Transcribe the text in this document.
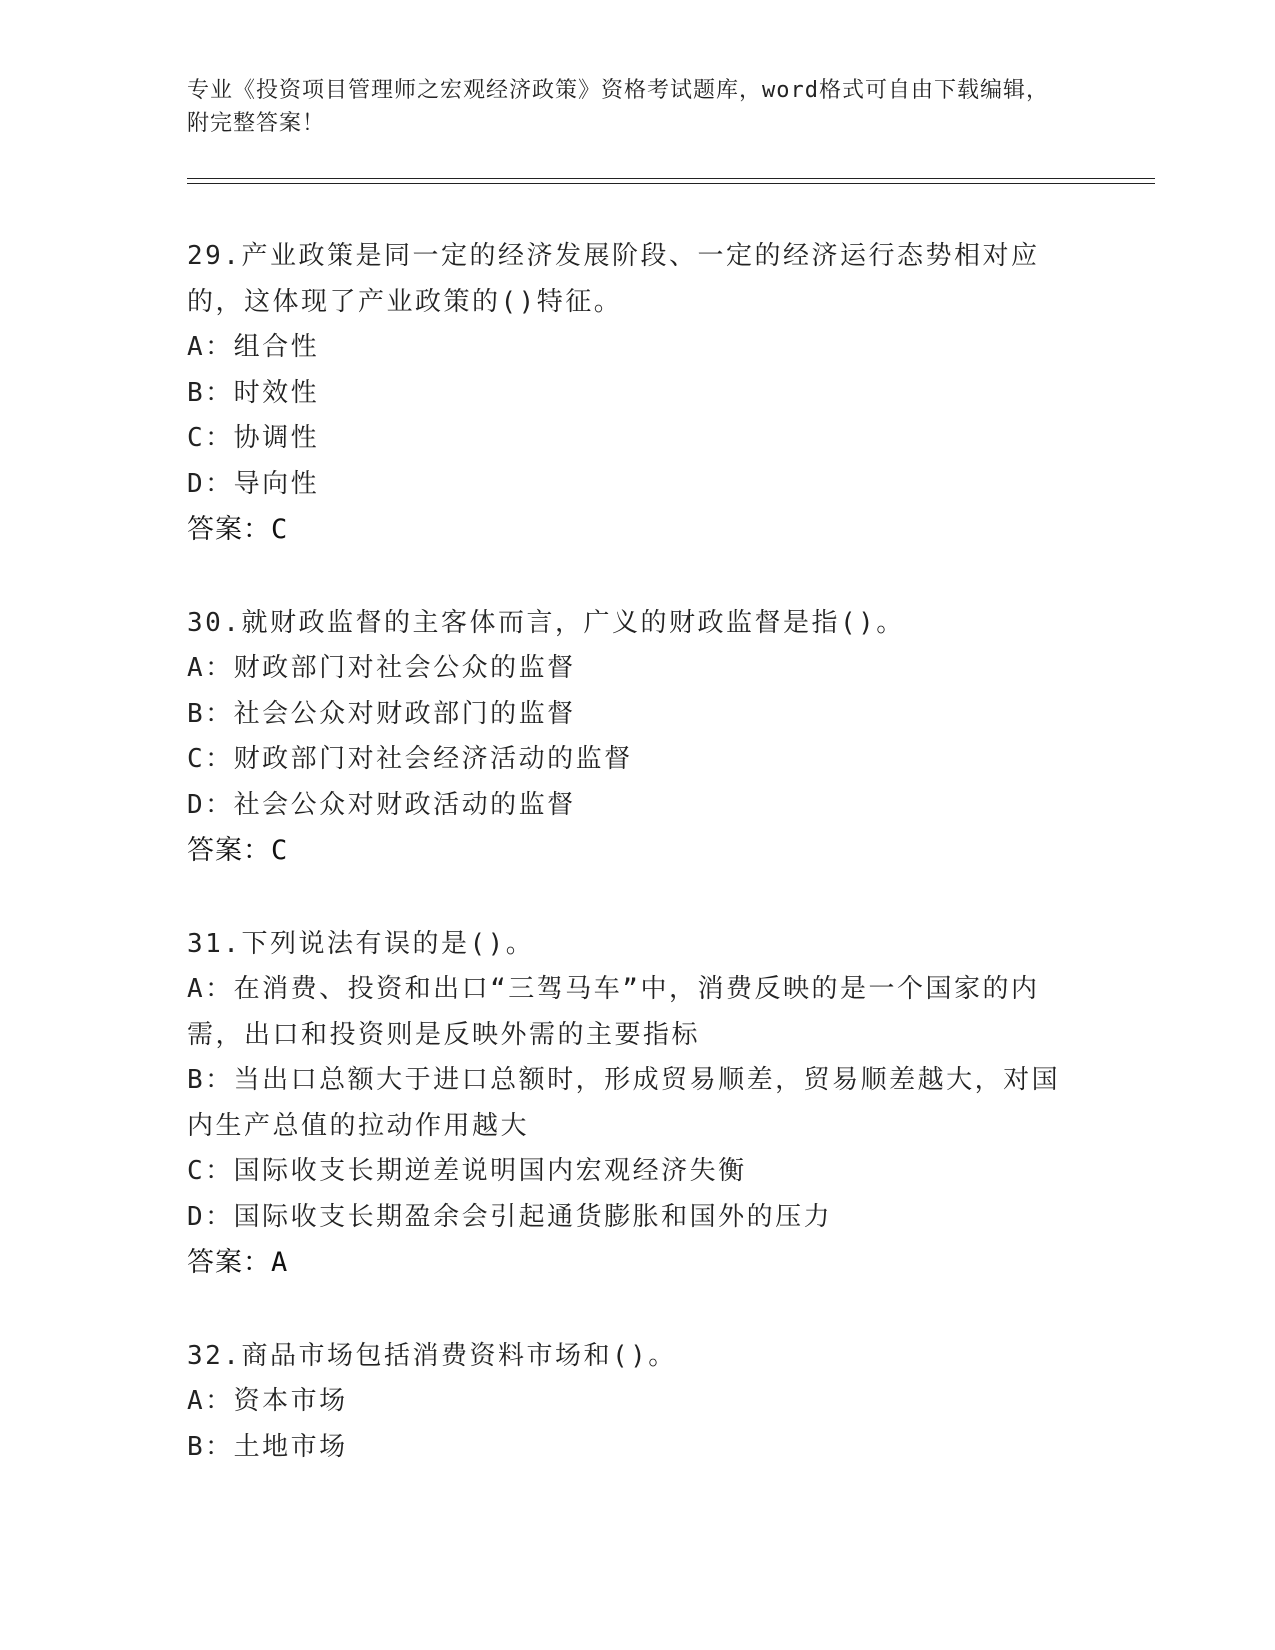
专业《投资项目管理师之宏观经济政策》资格考试题库，word格式可自由下载编辑，附完整答案！
29.产业政策是同一定的经济发展阶段、一定的经济运行态势相对应的，这体现了产业政策的()特征。
A：组合性
B：时效性
C：协调性
D：导向性
答案：C
30.就财政监督的主客体而言，广义的财政监督是指()。
A：财政部门对社会公众的监督
B：社会公众对财政部门的监督
C：财政部门对社会经济活动的监督
D：社会公众对财政活动的监督
答案：C
31.下列说法有误的是()。
A：在消费、投资和出口“三驾马车”中，消费反映的是一个国家的内需，出口和投资则是反映外需的主要指标
B：当出口总额大于进口总额时，形成贸易顺差，贸易顺差越大，对国内生产总值的拉动作用越大
C：国际收支长期逆差说明国内宏观经济失衡
D：国际收支长期盈余会引起通货膨胀和国外的压力
答案：A
32.商品市场包括消费资料市场和()。
A：资本市场
B：土地市场
